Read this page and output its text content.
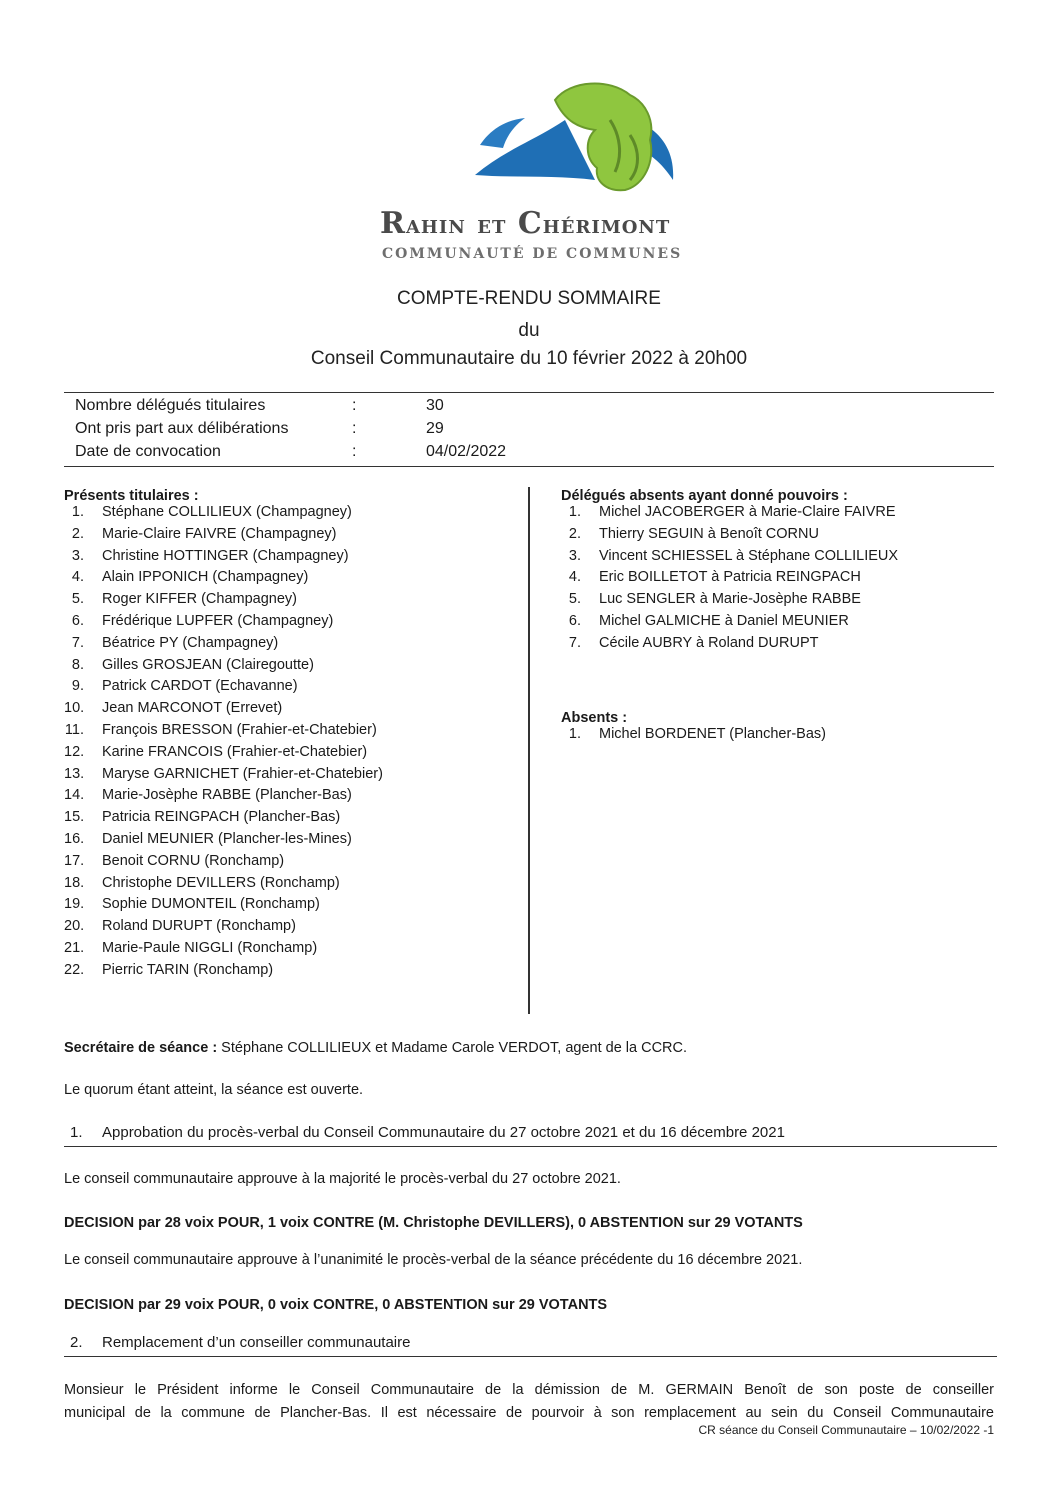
RAHIN ET CHÉRIMONT
COMMUNAUTÉ DE COMMUNES
COMPTE-RENDU SOMMAIRE
du
Conseil Communautaire du 10 février 2022 à 20h00
Nombre délégués titulaires	:	30
Ont pris part aux délibérations	:	29
Date de convocation	:	04/02/2022
Présents titulaires :
1. Stéphane COLLILIEUX (Champagney)
2. Marie-Claire FAIVRE (Champagney)
3. Christine HOTTINGER (Champagney)
4. Alain IPPONICH (Champagney)
5. Roger KIFFER (Champagney)
6. Frédérique LUPFER (Champagney)
7. Béatrice PY (Champagney)
8. Gilles GROSJEAN (Clairegoutte)
9. Patrick CARDOT (Echavanne)
10. Jean MARCONOT (Errevet)
11. François BRESSON (Frahier-et-Chatebier)
12. Karine FRANCOIS (Frahier-et-Chatebier)
13. Maryse GARNICHET (Frahier-et-Chatebier)
14. Marie-Josèphe RABBE (Plancher-Bas)
15. Patricia REINGPACH (Plancher-Bas)
16. Daniel MEUNIER (Plancher-les-Mines)
17. Benoit CORNU (Ronchamp)
18. Christophe DEVILLERS (Ronchamp)
19. Sophie DUMONTEIL (Ronchamp)
20. Roland DURUPT (Ronchamp)
21. Marie-Paule NIGGLI (Ronchamp)
22. Pierric TARIN (Ronchamp)
Délégués absents ayant donné pouvoirs :
1. Michel JACOBERGER à Marie-Claire FAIVRE
2. Thierry SEGUIN à Benoît CORNU
3. Vincent SCHIESSEL à Stéphane COLLILIEUX
4. Eric BOILLETOT à Patricia REINGPACH
5. Luc SENGLER à Marie-Josèphe RABBE
6. Michel GALMICHE à Daniel MEUNIER
7. Cécile AUBRY à Roland DURUPT
Absents :
1. Michel BORDENET (Plancher-Bas)
Secrétaire de séance : Stéphane COLLILIEUX et Madame Carole VERDOT, agent de la CCRC.
Le quorum étant atteint, la séance est ouverte.
1. Approbation du procès-verbal du Conseil Communautaire du 27 octobre 2021 et du 16 décembre 2021
Le conseil communautaire approuve à la majorité le procès-verbal du 27 octobre 2021.
DECISION par 28 voix POUR, 1 voix CONTRE (M. Christophe DEVILLERS), 0 ABSTENTION sur 29 VOTANTS
Le conseil communautaire approuve à l’unanimité le procès-verbal de la séance précédente du 16 décembre 2021.
DECISION par 29 voix POUR, 0 voix CONTRE, 0 ABSTENTION sur 29 VOTANTS
2. Remplacement d’un conseiller communautaire
Monsieur le Président informe le Conseil Communautaire de la démission de M. GERMAIN Benoît de son poste de conseiller
municipal de la commune de Plancher-Bas. Il est nécessaire de pourvoir à son remplacement au sein du Conseil Communautaire
CR séance du Conseil Communautaire – 10/02/2022 -1
